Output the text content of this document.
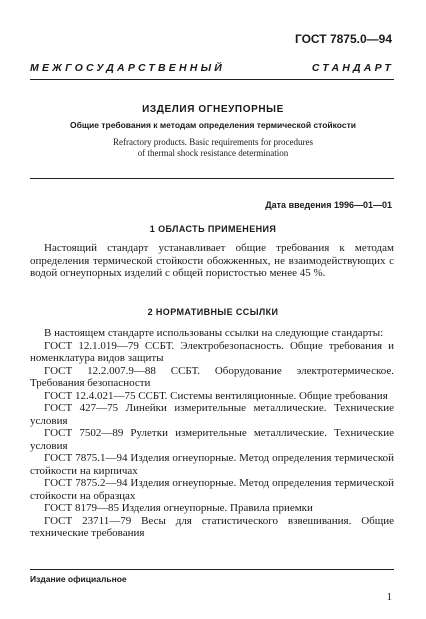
ГОСТ 7875.0—94
МЕЖГОСУДАРСТВЕННЫЙ	СТАНДАРТ
ИЗДЕЛИЯ ОГНЕУПОРНЫЕ
Общие требования к методам определения термической стойкости
Refractory products. Basic requirements for procedures
of thermal shock resistance determination
Дата введения 1996—01—01
1 ОБЛАСТЬ ПРИМЕНЕНИЯ
Настоящий стандарт устанавливает общие требования к методам определения термической стойкости обожженных, не взаимодействующих с водой огнеупорных изделий с общей пористостью менее 45 %.
2 НОРМАТИВНЫЕ ССЫЛКИ

В настоящем стандарте использованы ссылки на следующие стандарты:

ГОСТ 12.1.019—79 ССБТ. Электробезопасность. Общие требования и номенклатура видов защиты

ГОСТ 12.2.007.9—88 ССБТ. Оборудование электротермическое. Требования безопасности

ГОСТ 12.4.021—75 ССБТ. Системы вентиляционные. Общие требования

ГОСТ 427—75 Линейки измерительные металлические. Технические условия

ГОСТ 7502—89 Рулетки измерительные металлические. Технические условия

ГОСТ 7875.1—94 Изделия огнеупорные. Метод определения термической стойкости на кирпичах

ГОСТ 7875.2—94 Изделия огнеупорные. Метод определения термической стойкости на образцах

ГОСТ 8179—85 Изделия огнеупорные. Правила приемки

ГОСТ 23711—79 Весы для статистического взвешивания. Общие технические требования

Издание официальное
1
